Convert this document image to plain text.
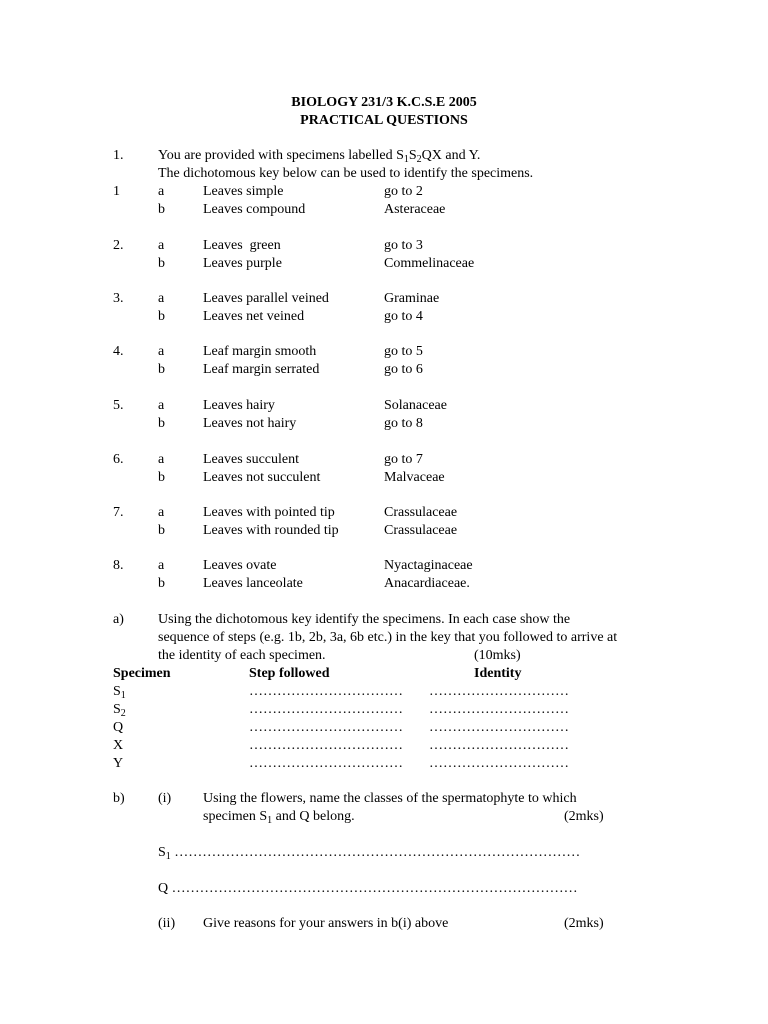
BIOLOGY 231/3 K.C.S.E 2005
PRACTICAL QUESTIONS
1. You are provided with specimens labelled $S_1S_2QX$ and Y.
The dichotomous key below can be used to identify the specimens.
1	a	Leaves simple	go to 2
b	Leaves compound	Asteraceae
2. a	Leaves  green	go to 3
b	Leaves purple	Commelinaceae
3. a	Leaves parallel veined	Graminae
b	Leaves net veined	go to 4
4. a	Leaf margin smooth	go to 5
b	Leaf margin serrated	go to 6
5. a	Leaves hairy	Solanaceae
b	Leaves not hairy	go to 8
6. a	Leaves succulent	go to 7
b	Leaves not succulent	Malvaceae
7. a	Leaves with pointed tip	Crassulaceae
b	Leaves with rounded tip	Crassulaceae
8. a	Leaves ovate	Nyactaginaceae
b	Leaves lanceolate	Anacardiaceae.
a) Using the dichotomous key identify the specimens. In each case show the
sequence of steps (e.g. 1b, 2b, 3a, 6b etc.) in the key that you followed to arrive at
the identity of each specimen.	(10mks)
Specimen	Step followed	Identity
$S_1$	…………………………… …………………………
$S_2$	…………………………… …………………………
Q	…………………………… …………………………
X	…………………………… …………………………
Y	…………………………… …………………………
b) (i) Using the flowers, name the classes of the spermatophyte to which
specimen $S_1$ and Q belong.	(2mks)
$S_1$ ……………………………………………………………………………
Q ……………………………………………………………………………
(ii) Give reasons for your answers in b(i) above	(2mks)
